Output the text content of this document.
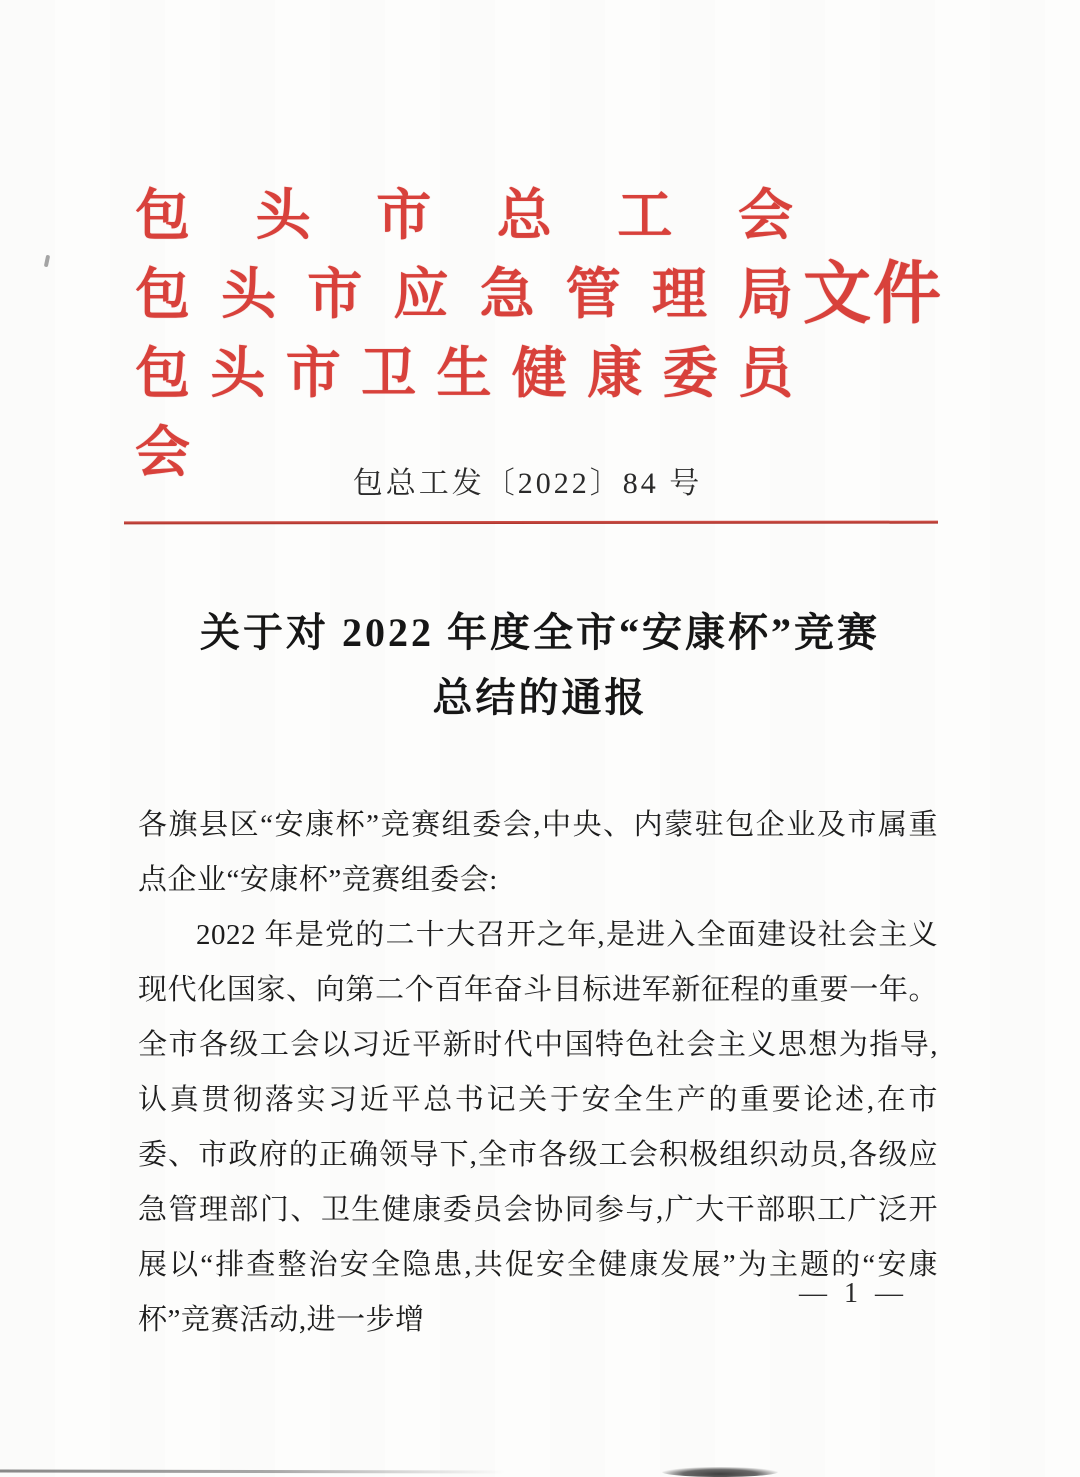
包 头 市 总 工 会
包 头 市 应 急 管 理 局 文件
包 头 市 卫 生 健 康 委 员 会
包总工发〔2022〕84 号
关于对 2022 年度全市“安康杯”竞赛
总结的通报

各旗县区“安康杯”竞赛组委会,中央、内蒙驻包企业及市属重点企业“安康杯”竞赛组委会:

2022 年是党的二十大召开之年,是进入全面建设社会主义现代化国家、向第二个百年奋斗目标进军新征程的重要一年。全市各级工会以习近平新时代中国特色社会主义思想为指导,认真贯彻落实习近平总书记关于安全生产的重要论述,在市委、市政府的正确领导下,全市各级工会积极组织动员,各级应急管理部门、卫生健康委员会协同参与,广大干部职工广泛开展以“排查整治安全隐患,共促安全健康发展”为主题的“安康杯”竞赛活动,进一步增

— 1 —
